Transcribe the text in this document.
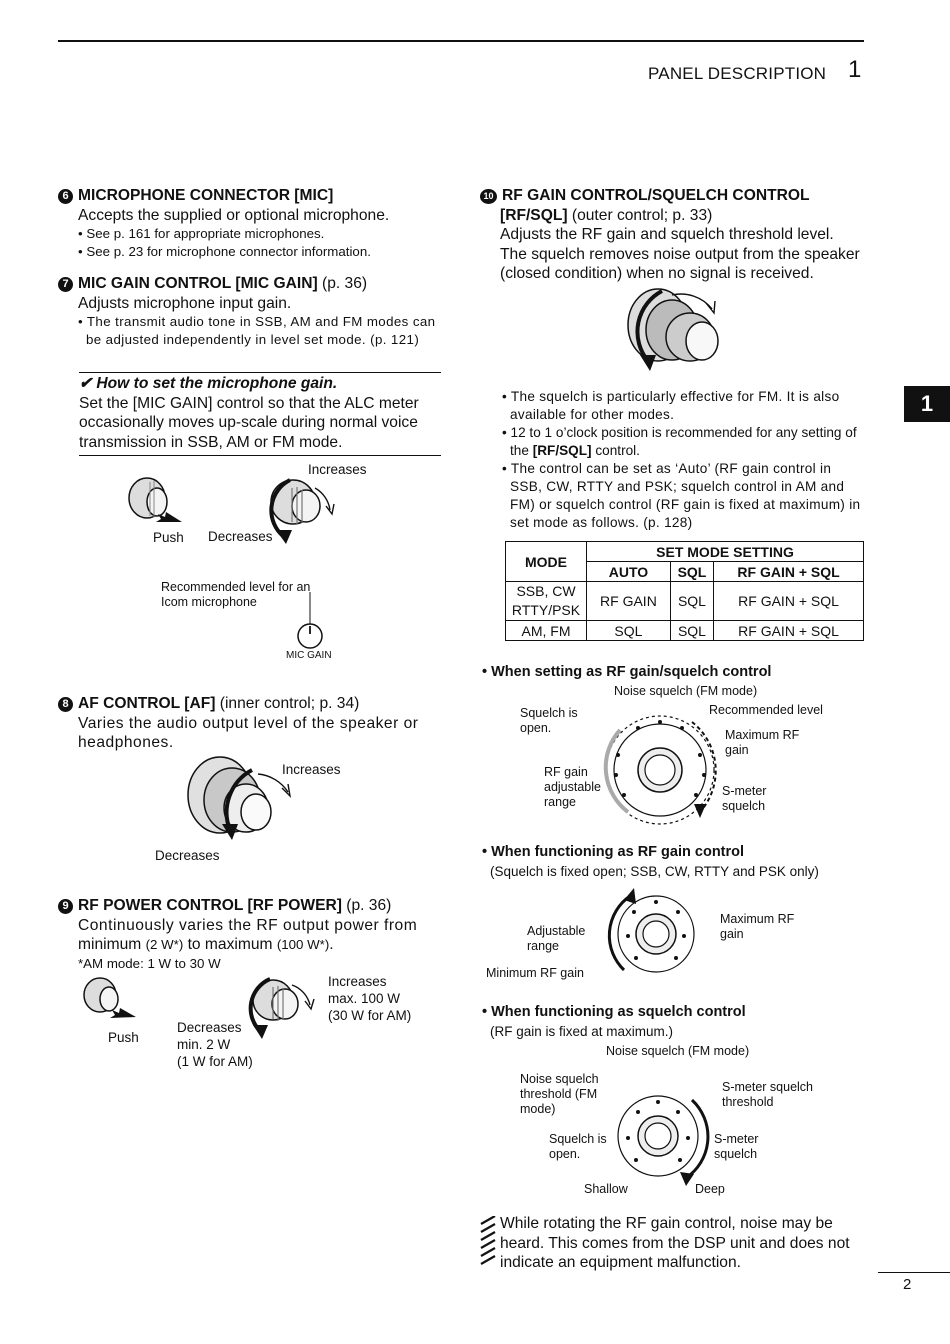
PANEL DESCRIPTION 1
1
6 MICROPHONE CONNECTOR [MIC]
Accepts the supplied or optional microphone.
• See p. 161 for appropriate microphones.
• See p. 23 for microphone connector information.
7 MIC GAIN CONTROL [MIC GAIN] (p. 36)
Adjusts microphone input gain.
• The transmit audio tone in SSB, AM and FM modes can be adjusted independently in level set mode. (p. 121)
✔ How to set the microphone gain.
Set the [MIC GAIN] control so that the ALC meter occasionally moves up-scale during normal voice transmission in SSB, AM or FM mode.
Increases
Push Decreases
Recommended level for an Icom microphone
MIC GAIN
8 AF CONTROL [AF] (inner control; p. 34)
Varies the audio output level of the speaker or headphones.
Increases
Decreases
9 RF POWER CONTROL [RF POWER] (p. 36)
Continuously varies the RF output power from
minimum (2 W*) to maximum (100 W*).
*AM mode: 1 W to 30 W
Push
Decreases
min. 2 W
(1 W for AM)
Increases
max. 100 W
(30 W for AM)
10 RF GAIN CONTROL/SQUELCH CONTROL
[RF/SQL] (outer control; p. 33)
Adjusts the RF gain and squelch threshold level.
The squelch removes noise output from the speaker (closed condition) when no signal is received.
• The squelch is particularly effective for FM. It is also available for other modes.
• 12 to 1 o’clock position is recommended for any setting of the [RF/SQL] control.
• The control can be set as ‘Auto’ (RF gain control in SSB, CW, RTTY and PSK; squelch control in AM and FM) or squelch control (RF gain is fixed at maximum) in set mode as follows. (p. 128)
MODE	SET MODE SETTING		
	AUTO	SQL	RF GAIN + SQL

SSB, CW
RTTY/PSK	RF GAIN	SQL	RF GAIN + SQL
AM, FM	SQL	SQL	RF GAIN + SQL
• When setting as RF gain/squelch control
Noise squelch (FM mode)
Recommended level
Squelch is open.	Maximum RF gain
RF gain adjustable range
S-meter squelch
• When functioning as RF gain control
(Squelch is fixed open; SSB, CW, RTTY and PSK only)
Adjustable range
Maximum RF gain
Minimum RF gain
• When functioning as squelch control
(RF gain is fixed at maximum.)
Noise squelch (FM mode)
Noise squelch threshold (FM mode)
S-meter squelch threshold
Squelch is open.
S-meter squelch
Shallow	Deep
While rotating the RF gain control, noise may be heard. This comes from the DSP unit and does not indicate an equipment malfunction.
2
